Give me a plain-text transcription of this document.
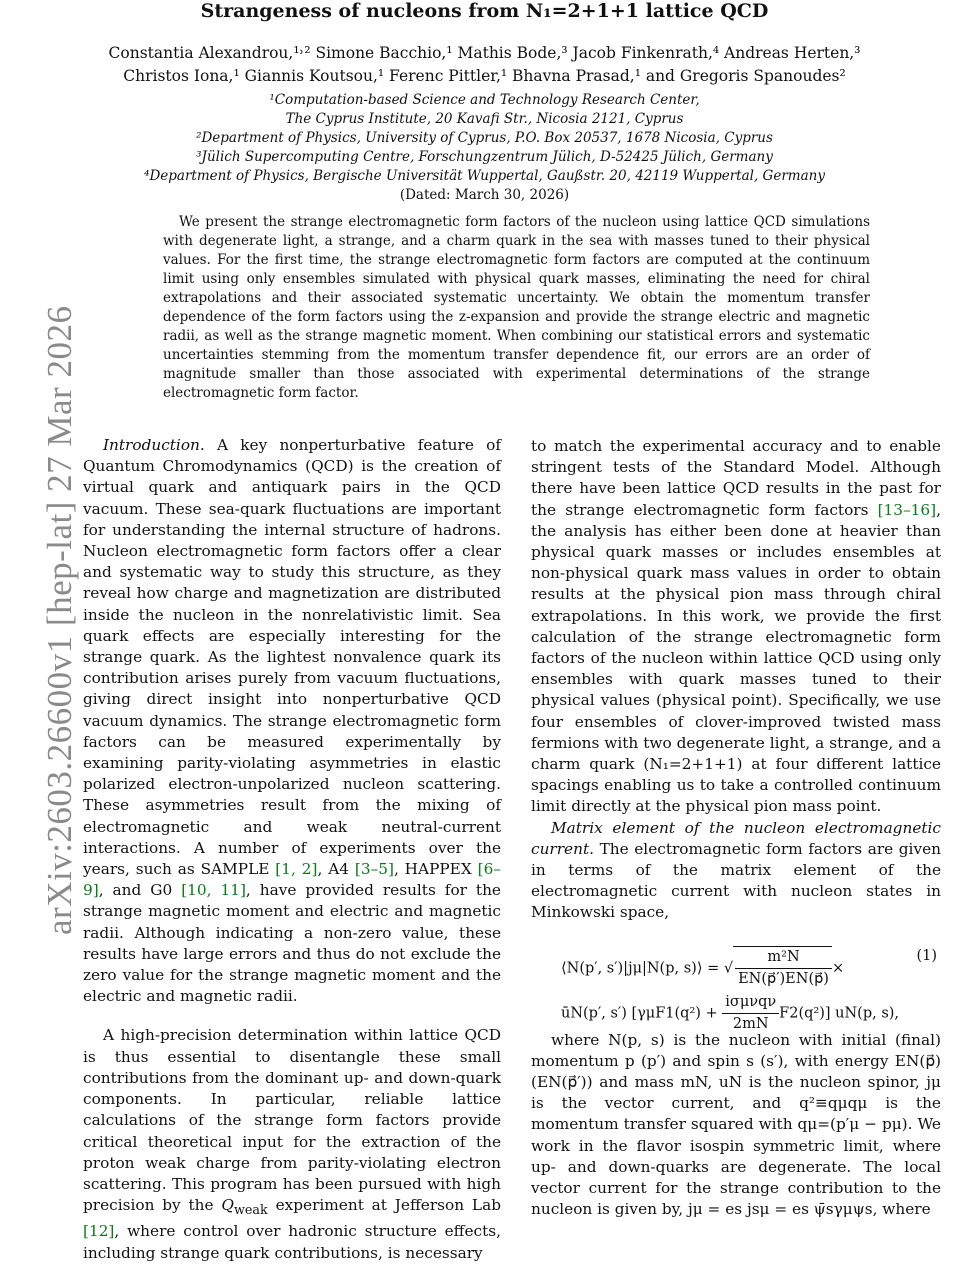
Strangeness of nucleons from N₁=2+1+1 lattice QCD
Constantia Alexandrou,¹˒² Simone Bacchio,¹ Mathis Bode,³ Jacob Finkenrath,⁴ Andreas Herten,³
Christos Iona,¹ Giannis Koutsou,¹ Ferenc Pittler,¹ Bhavna Prasad,¹ and Gregoris Spanoudes²
¹Computation-based Science and Technology Research Center,
The Cyprus Institute, 20 Kavafi Str., Nicosia 2121, Cyprus
²Department of Physics, University of Cyprus, P.O. Box 20537, 1678 Nicosia, Cyprus
³Jülich Supercomputing Centre, Forschungzentrum Jülich, D-52425 Jülich, Germany
⁴Department of Physics, Bergische Universität Wuppertal, Gaußstr. 20, 42119 Wuppertal, Germany
(Dated: March 30, 2026)

We present the strange electromagnetic form factors of the nucleon using lattice QCD simulations with degenerate light, a strange, and a charm quark in the sea with masses tuned to their physical values. For the first time, the strange electromagnetic form factors are computed at the continuum limit using only ensembles simulated with physical quark masses, eliminating the need for chiral extrapolations and their associated systematic uncertainty. We obtain the momentum transfer dependence of the form factors using the z-expansion and provide the strange electric and magnetic radii, as well as the strange magnetic moment. When combining our statistical errors and systematic uncertainties stemming from the momentum transfer dependence fit, our errors are an order of magnitude smaller than those associated with experimental determinations of the strange electromagnetic form factor.

arXiv:2603.26600v1 [hep-lat] 27 Mar 2026	Introduction. A key nonperturbative feature of Quantum Chromodynamics (QCD) is the creation of virtual quark and antiquark pairs in the QCD vacuum. These sea-quark fluctuations are important for understanding the internal structure of hadrons. Nucleon electromagnetic form factors offer a clear and systematic way to study this structure, as they reveal how charge and magnetization are distributed inside the nucleon in the nonrelativistic limit. Sea quark effects are especially interesting for the strange quark. As the lightest nonvalence quark its contribution arises purely from vacuum fluctuations, giving direct insight into nonperturbative QCD vacuum dynamics. The strange electromagnetic form factors can be measured experimentally by examining parity-violating asymmetries in elastic polarized electron-unpolarized nucleon scattering. These asymmetries result from the mixing of electromagnetic and weak neutral-current interactions. A number of experiments over the years, such as SAMPLE [1, 2], A4 [3–5], HAPPEX [6–9], and G0 [10, 11], have provided results for the strange magnetic moment and electric and magnetic radii. Although indicating a non-zero value, these results have large errors and thus do not exclude the zero value for the strange magnetic moment and the electric and magnetic radii.

A high-precision determination within lattice QCD is thus essential to disentangle these small contributions from the dominant up- and down-quark components. In particular, reliable lattice calculations of the strange form factors provide critical theoretical input for the extraction of the proton weak charge from parity-violating electron scattering. This program has been pursued with high precision by the $Q_{weak}$ experiment at Jefferson Lab [12], where control over hadronic structure effects, including strange quark contributions, is necessary

to match the experimental accuracy and to enable stringent tests of the Standard Model. Although there have been lattice QCD results in the past for the strange electromagnetic form factors [13–16], the analysis has either been done at heavier than physical quark masses or includes ensembles at non-physical quark mass values in order to obtain results at the physical pion mass through chiral extrapolations. In this work, we provide the first calculation of the strange electromagnetic form factors of the nucleon within lattice QCD using only ensembles with quark masses tuned to their physical values (physical point). Specifically, we use four ensembles of clover-improved twisted mass fermions with two degenerate light, a strange, and a charm quark (N₁=2+1+1) at four different lattice spacings enabling us to take a controlled continuum limit directly at the physical pion mass point.

Matrix element of the nucleon electromagnetic current. The electromagnetic form factors are given in terms of the matrix element of the electromagnetic current with nucleon states in Minkowski space,

⟨N(p′, s′)|jμ|N(p, s)⟩ = √ $\frac{\text{m²N}}{EN(p⃗')EN(p⃗)}$ ×
(1)
ūN(p′, s′) $[\gamma\mu F1(q^2) + \frac{\text{iσμνqν}}{2mN} F2(q^2)]$ uN(p, s),

where N(p, s) is the nucleon with initial (final) momentum p (p′) and spin s (s′), with energy EN(p⃗) (EN(p⃗′)) and mass mN, uN is the nucleon spinor, jμ is the vector current, and q²≡qμqμ is the momentum transfer squared with qμ=(p′μ − pμ). We work in the flavor isospin symmetric limit, where up- and down-quarks are degenerate. The local vector current for the strange contribution to the nucleon is given by, jμ = es jsμ = es ψ̄sγμψs, where
